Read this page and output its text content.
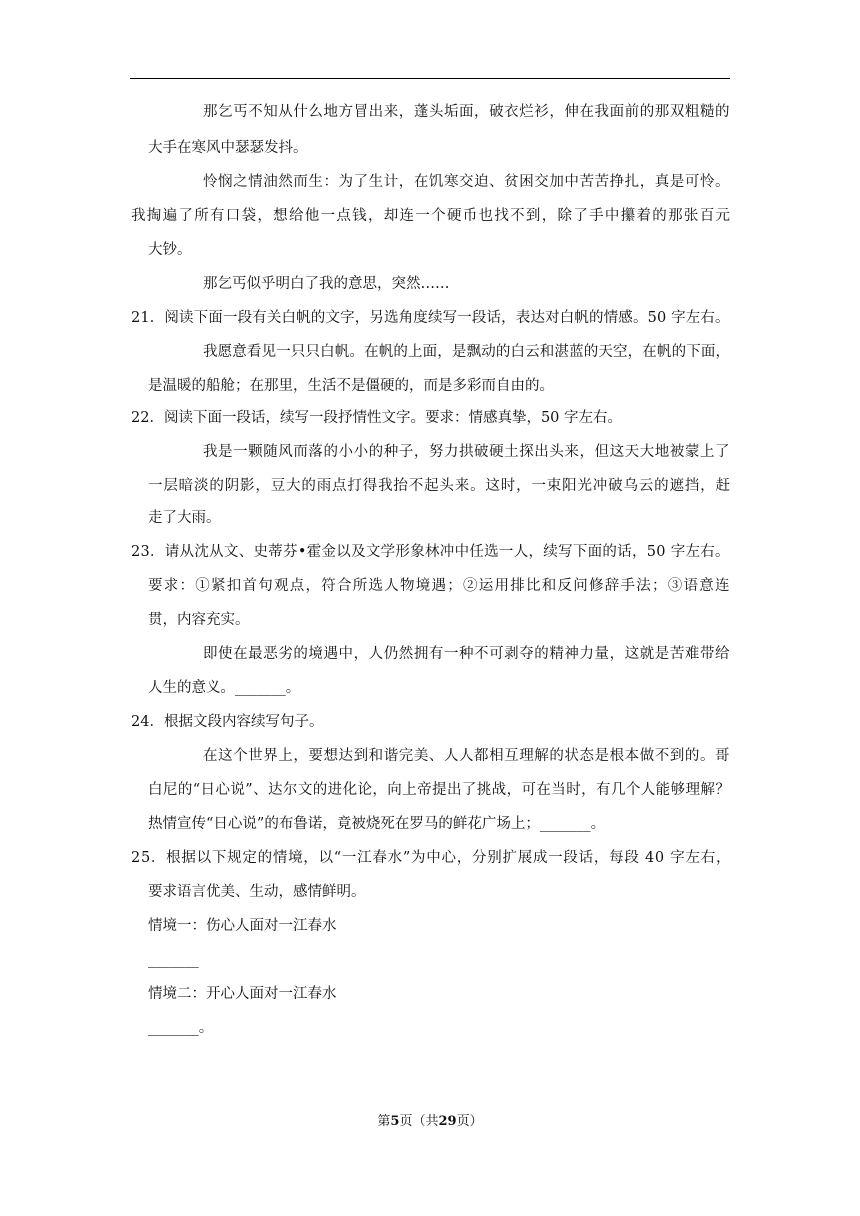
那乞丐不知从什么地方冒出来，蓬头垢面，破衣烂衫，伸在我面前的那双粗糙的
大手在寒风中瑟瑟发抖。
怜悯之情油然而生：为了生计，在饥寒交迫、贫困交加中苦苦挣扎，真是可怜。
我掏遍了所有口袋，想给他一点钱，却连一个硬币也找不到，除了手中攥着的那张百元
大钞。
那乞丐似乎明白了我的意思，突然……
21．阅读下面一段有关白帆的文字，另选角度续写一段话，表达对白帆的情感。50 字左右。
我愿意看见一只只白帆。在帆的上面，是飘动的白云和湛蓝的天空，在帆的下面，
是温暖的船舱；在那里，生活不是僵硬的，而是多彩而自由的。
22．阅读下面一段话，续写一段抒情性文字。要求：情感真挚，50 字左右。
我是一颗随风而落的小小的种子，努力拱破硬土探出头来，但这天大地被蒙上了
一层暗淡的阴影，豆大的雨点打得我抬不起头来。这时，一束阳光冲破乌云的遮挡，赶
走了大雨。
23．请从沈从文、史蒂芬•霍金以及文学形象林冲中任选一人，续写下面的话，50 字左右。
要求：①紧扣首句观点，符合所选人物境遇；②运用排比和反问修辞手法；③语意连
贯，内容充实。
即使在最恶劣的境遇中，人仍然拥有一种不可剥夺的精神力量，这就是苦难带给
人生的意义。_______。
24．根据文段内容续写句子。
在这个世界上，要想达到和谐完美、人人都相互理解的状态是根本做不到的。哥
白尼的“日心说”、达尔文的进化论，向上帝提出了挑战，可在当时，有几个人能够理解？
热情宣传“日心说”的布鲁诺，竟被烧死在罗马的鲜花广场上；_______。
25．根据以下规定的情境，以“一江春水”为中心，分别扩展成一段话，每段 40 字左右，
要求语言优美、生动，感情鲜明。
情境一：伤心人面对一江春水
_______
情境二：开心人面对一江春水
_______。
第5页（共29页）
